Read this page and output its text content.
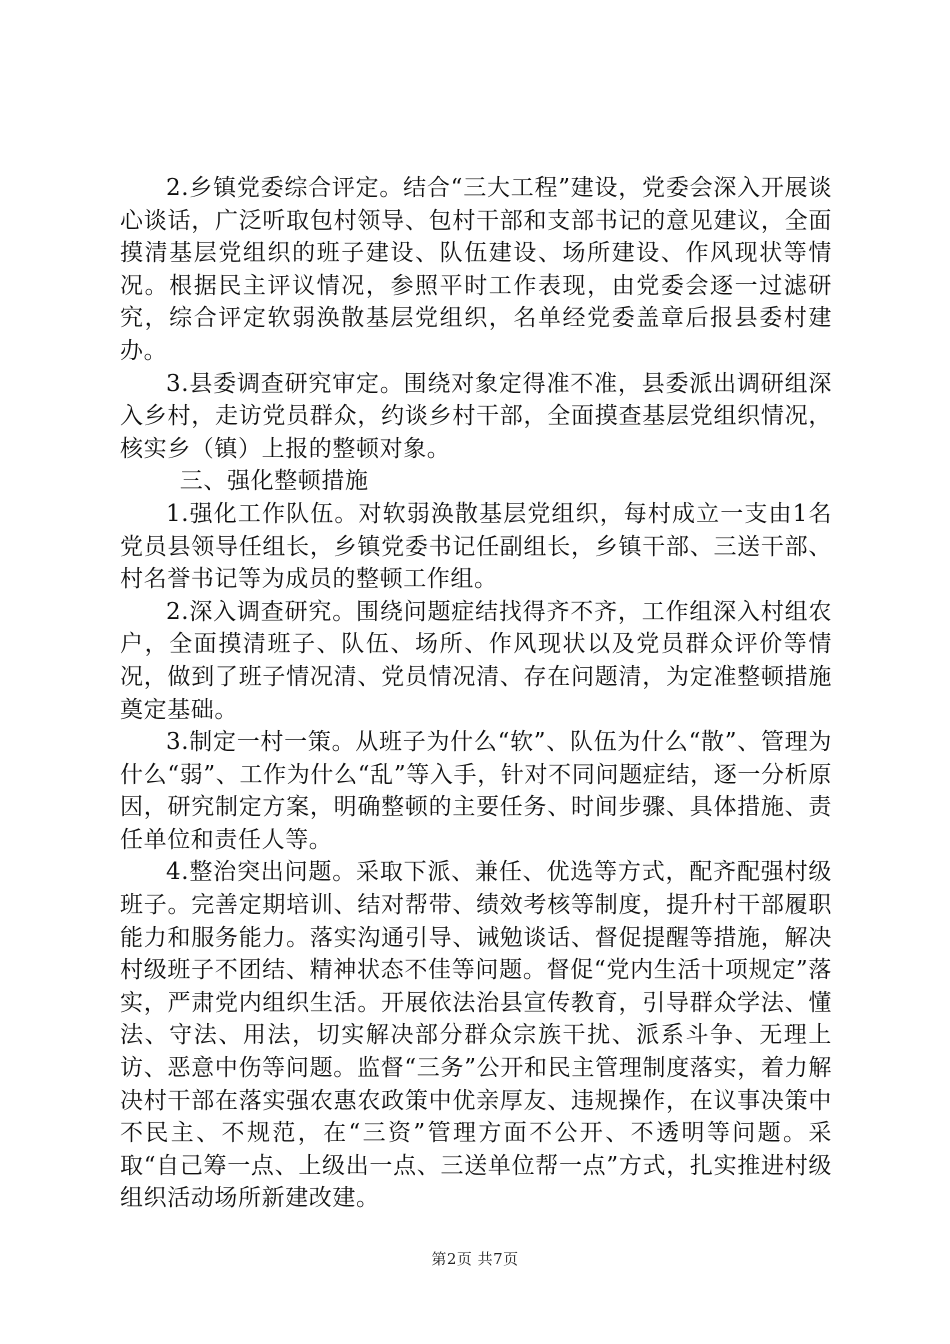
2.乡镇党委综合评定。结合“三大工程”建设，党委会深入开展谈心谈话，广泛听取包村领导、包村干部和支部书记的意见建议，全面摸清基层党组织的班子建设、队伍建设、场所建设、作风现状等情况。根据民主评议情况，参照平时工作表现，由党委会逐一过滤研究，综合评定软弱涣散基层党组织，名单经党委盖章后报县委村建办。

3.县委调查研究审定。围绕对象定得准不准，县委派出调研组深入乡村，走访党员群众，约谈乡村干部，全面摸查基层党组织情况，核实乡（镇）上报的整顿对象。

三、强化整顿措施

1.强化工作队伍。对软弱涣散基层党组织，每村成立一支由1名党员县领导任组长，乡镇党委书记任副组长，乡镇干部、三送干部、村名誉书记等为成员的整顿工作组。

2.深入调查研究。围绕问题症结找得齐不齐，工作组深入村组农户，全面摸清班子、队伍、场所、作风现状以及党员群众评价等情况，做到了班子情况清、党员情况清、存在问题清，为定准整顿措施奠定基础。

3.制定一村一策。从班子为什么“软”、队伍为什么“散”、管理为什么“弱”、工作为什么“乱”等入手，针对不同问题症结，逐一分析原因，研究制定方案，明确整顿的主要任务、时间步骤、具体措施、责任单位和责任人等。

4.整治突出问题。采取下派、兼任、优选等方式，配齐配强村级班子。完善定期培训、结对帮带、绩效考核等制度，提升村干部履职能力和服务能力。落实沟通引导、诫勉谈话、督促提醒等措施，解决村级班子不团结、精神状态不佳等问题。督促“党内生活十项规定”落实，严肃党内组织生活。开展依法治县宣传教育，引导群众学法、懂法、守法、用法，切实解决部分群众宗族干扰、派系斗争、无理上访、恶意中伤等问题。监督“三务”公开和民主管理制度落实，着力解决村干部在落实强农惠农政策中优亲厚友、违规操作，在议事决策中不民主、不规范，在“三资”管理方面不公开、不透明等问题。采取“自己筹一点、上级出一点、三送单位帮一点”方式，扎实推进村级组织活动场所新建改建。

第2页 共7页
